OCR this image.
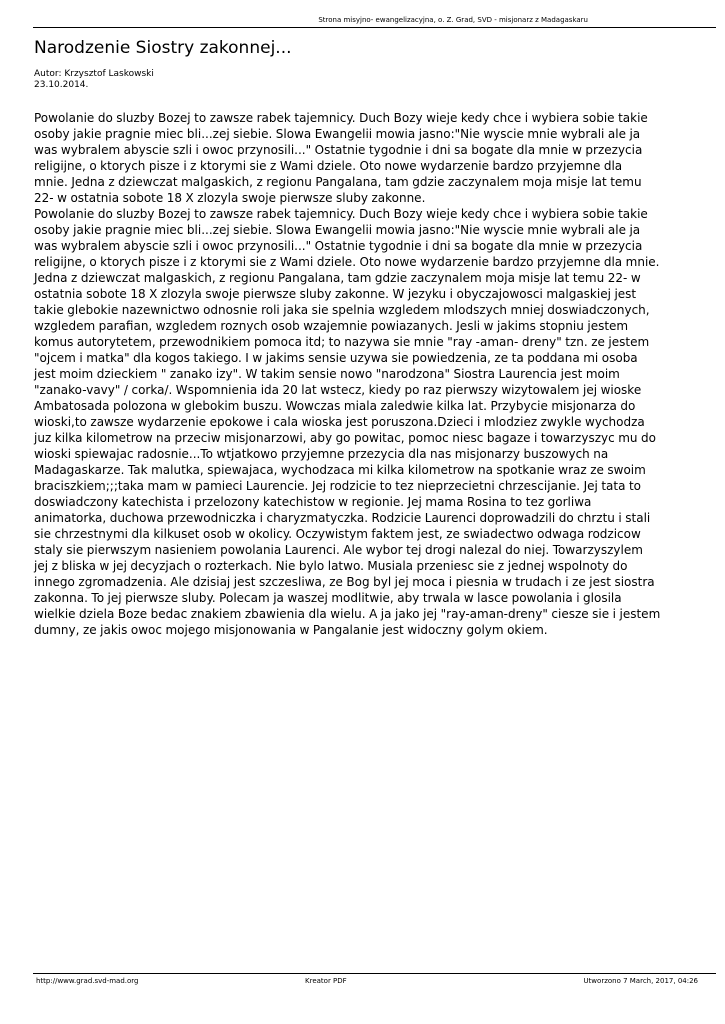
Strona misyjno- ewangelizacyjna, o. Z. Grad, SVD - misjonarz z Madagaskaru
Narodzenie Siostry zakonnej...
Autor: Krzysztof Laskowski
23.10.2014.

Powolanie do sluzby Bozej to zawsze rabek tajemnicy. Duch Bozy wieje kedy chce i wybiera sobie takie
osoby jakie pragnie miec bli...zej siebie. Slowa Ewangelii mowia jasno:"Nie wyscie mnie wybrali ale ja
was wybralem abyscie szli i owoc przynosili..." Ostatnie tygodnie i dni sa bogate dla mnie w przezycia
religijne, o ktorych pisze i z ktorymi sie z Wami dziele. Oto nowe wydarzenie bardzo przyjemne dla
mnie. Jedna z dziewczat malgaskich, z regionu Pangalana, tam gdzie zaczynalem moja misje lat temu
22- w ostatnia sobote 18 X zlozyla swoje pierwsze sluby zakonne.
Powolanie do sluzby Bozej to zawsze rabek tajemnicy. Duch Bozy wieje kedy chce i wybiera sobie takie
osoby jakie pragnie miec bli...zej siebie. Slowa Ewangelii mowia jasno:"Nie wyscie mnie wybrali ale ja
was wybralem abyscie szli i owoc przynosili..." Ostatnie tygodnie i dni sa bogate dla mnie w przezycia
religijne, o ktorych pisze i z ktorymi sie z Wami dziele. Oto nowe wydarzenie bardzo przyjemne dla mnie.
Jedna z dziewczat malgaskich, z regionu Pangalana, tam gdzie zaczynalem moja misje lat temu 22- w
ostatnia sobote 18 X zlozyla swoje pierwsze sluby zakonne. W jezyku i obyczajowosci malgaskiej jest
takie glebokie nazewnictwo odnosnie roli jaka sie spelnia wzgledem mlodszych mniej doswiadczonych,
wzgledem parafian, wzgledem roznych osob wzajemnie powiazanych. Jesli w jakims stopniu jestem
komus autorytetem, przewodnikiem pomoca itd; to nazywa sie mnie "ray -aman- dreny" tzn. ze jestem
"ojcem i matka" dla kogos takiego. I w jakims sensie uzywa sie powiedzenia, ze ta poddana mi osoba
jest moim dzieckiem " zanako izy". W takim sensie nowo "narodzona" Siostra Laurencia jest moim
"zanako-vavy" / corka/. Wspomnienia ida 20 lat wstecz, kiedy po raz pierwszy wizytowalem jej wioske
Ambatosada polozona w glebokim buszu. Wowczas miala zaledwie kilka lat. Przybycie misjonarza do
wioski,to zawsze wydarzenie epokowe i cala wioska jest poruszona.Dzieci i mlodziez zwykle wychodza
juz kilka kilometrow na przeciw misjonarzowi, aby go powitac, pomoc niesc bagaze i towarzyszyc mu do
wioski spiewajac radosnie...To wtjatkowo przyjemne przezycia dla nas misjonarzy buszowych na
Madagaskarze. Tak malutka, spiewajaca, wychodzaca mi kilka kilometrow na spotkanie wraz ze swoim
braciszkiem;;;taka mam w pamieci Laurencie. Jej rodzicie to tez nieprzecietni chrzescijanie. Jej tata to
doswiadczony katechista i przelozony katechistow w regionie. Jej mama Rosina to tez gorliwa
animatorka, duchowa przewodniczka i charyzmatyczka. Rodzicie Laurenci doprowadzili do chrztu i stali
sie chrzestnymi dla kilkuset osob w okolicy. Oczywistym faktem jest, ze swiadectwo odwaga rodzicow
staly sie pierwszym nasieniem powolania Laurenci. Ale wybor tej drogi nalezal do niej. Towarzyszylem
jej z bliska w jej decyzjach o rozterkach. Nie bylo latwo. Musiala przeniesc sie z jednej wspolnoty do
innego zgromadzenia. Ale dzisiaj jest szczesliwa, ze Bog byl jej moca i piesnia w trudach i ze jest siostra
zakonna. To jej pierwsze sluby. Polecam ja waszej modlitwie, aby trwala w lasce powolania i glosila
wielkie dziela Boze bedac znakiem zbawienia dla wielu. A ja jako jej "ray-aman-dreny" ciesze sie i jestem
dumny, ze jakis owoc mojego misjonowania w Pangalanie jest widoczny golym okiem.

http://www.grad.svd-mad.org	Kreator PDF	Utworzono 7 March, 2017, 04:26
